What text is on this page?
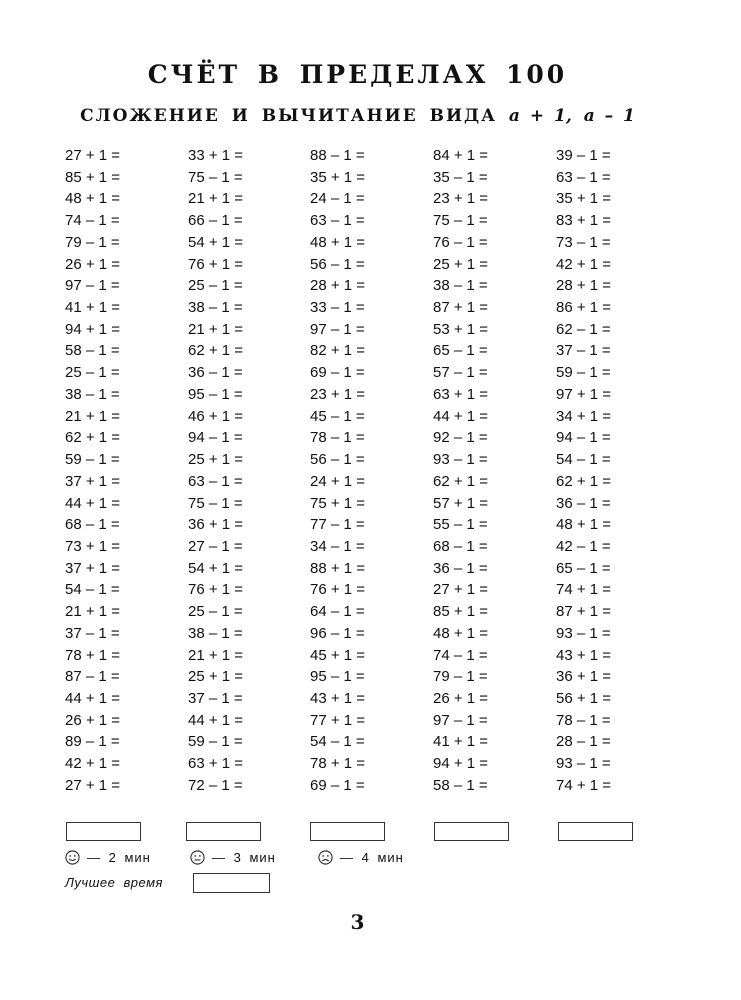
СЧЁТ В ПРЕДЕЛАХ 100
СЛОЖЕНИЕ И ВЫЧИТАНИЕ ВИДА a + 1, a – 1
27 + 1 =
85 + 1 =
48 + 1 =
74 – 1 =
79 – 1 =
26 + 1 =
97 – 1 =
41 + 1 =
94 + 1 =
58 – 1 =
25 – 1 =
38 – 1 =
21 + 1 =
62 + 1 =
59 – 1 =
37 + 1 =
44 + 1 =
68 – 1 =
73 + 1 =
37 + 1 =
54 – 1 =
21 + 1 =
37 – 1 =
78 + 1 =
87 – 1 =
44 + 1 =
26 + 1 =
89 – 1 =
42 + 1 =
27 + 1 =
33 + 1 =
75 – 1 =
21 + 1 =
66 – 1 =
54 + 1 =
76 + 1 =
25 – 1 =
38 – 1 =
21 + 1 =
62 + 1 =
36 – 1 =
95 – 1 =
46 + 1 =
94 – 1 =
25 + 1 =
63 – 1 =
75 – 1 =
36 + 1 =
27 – 1 =
54 + 1 =
76 + 1 =
25 – 1 =
38 – 1 =
21 + 1 =
25 + 1 =
37 – 1 =
44 + 1 =
59 – 1 =
63 + 1 =
72 – 1 =
88 – 1 =
35 + 1 =
24 – 1 =
63 – 1 =
48 + 1 =
56 – 1 =
28 + 1 =
33 – 1 =
97 – 1 =
82 + 1 =
69 – 1 =
23 + 1 =
45 – 1 =
78 – 1 =
56 – 1 =
24 + 1 =
75 + 1 =
77 – 1 =
34 – 1 =
88 + 1 =
76 + 1 =
64 – 1 =
96 – 1 =
45 + 1 =
95 – 1 =
43 + 1 =
77 + 1 =
54 – 1 =
78 + 1 =
69 – 1 =
84 + 1 =
35 – 1 =
23 + 1 =
75 – 1 =
76 – 1 =
25 + 1 =
38 – 1 =
87 + 1 =
53 + 1 =
65 – 1 =
57 – 1 =
63 + 1 =
44 + 1 =
92 – 1 =
93 – 1 =
62 + 1 =
57 + 1 =
55 – 1 =
68 – 1 =
36 – 1 =
27 + 1 =
85 + 1 =
48 + 1 =
74 – 1 =
79 – 1 =
26 + 1 =
97 – 1 =
41 + 1 =
94 + 1 =
58 – 1 =
39 – 1 =
63 – 1 =
35 + 1 =
83 + 1 =
73 – 1 =
42 + 1 =
28 + 1 =
86 + 1 =
62 – 1 =
37 – 1 =
59 – 1 =
97 + 1 =
34 + 1 =
94 – 1 =
54 – 1 =
62 + 1 =
36 – 1 =
48 + 1 =
42 – 1 =
65 – 1 =
74 + 1 =
87 + 1 =
93 – 1 =
43 + 1 =
36 + 1 =
56 + 1 =
78 – 1 =
28 – 1 =
93 – 1 =
74 + 1 =
— 2 мин	— 3 мин	— 4 мин
Лучшее время
3
